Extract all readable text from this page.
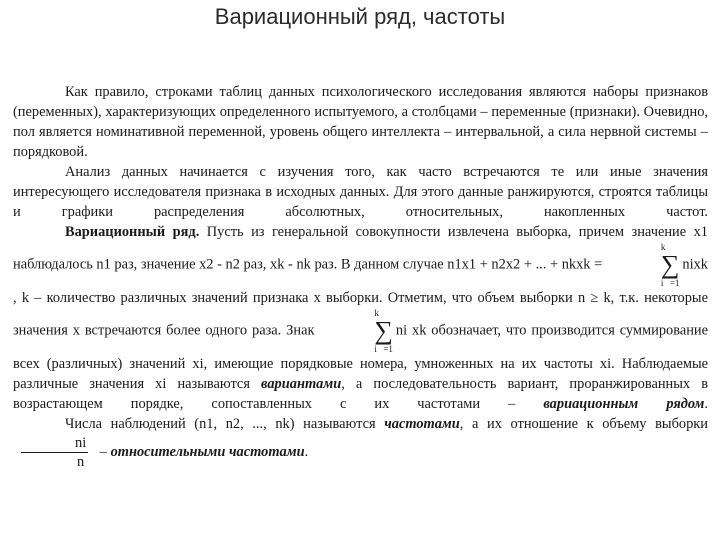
Вариационный ряд, частоты

Как правило, строками таблиц данных психологического исследования являются наборы признаков (переменных), характеризующих определенного испытуемого, а столбцами – переменные (признаки). Очевидно, пол является номинативной переменной, уровень общего интеллекта – интервальной, а сила нервной системы – порядковой.

Анализ данных начинается с изучения того, как часто встречаются те или иные значения интересующего исследователя признака в исходных данных. Для этого данные ранжируются, строятся таблицы и графики распределения абсолютных, относительных, накопленных частот.

Вариационный ряд. Пусть из генеральной совокупности извлечена выборка, причем значение x1 наблюдалось n1 раз, значение x2 - n2 раз, xk - nk раз. В данном случае n1x1 + n2x2 + ... + nkxk =
k
∑
i =1
nixk , k – количество различных значений признака x выборки. Отметим, что объем выборки n ≥ k, т.к. некоторые значения x встречаются более одного раза. Знак
k
∑
i =1
ni xk обозначает, что производится суммирование всех (различных) значений xi, имеющие порядковые номера, умноженных на их частоты xi. Наблюдаемые различные значения xi называются вариантами, а последовательность вариант, проранжированных в возрастающем порядке, сопоставленных с их частотами – вариационным рядом.

Числа наблюдений (n1, n2, ..., nk) называются частотами, а их отношение к объему выборки
$\frac{ni}{n}$ – относительными частотами.
